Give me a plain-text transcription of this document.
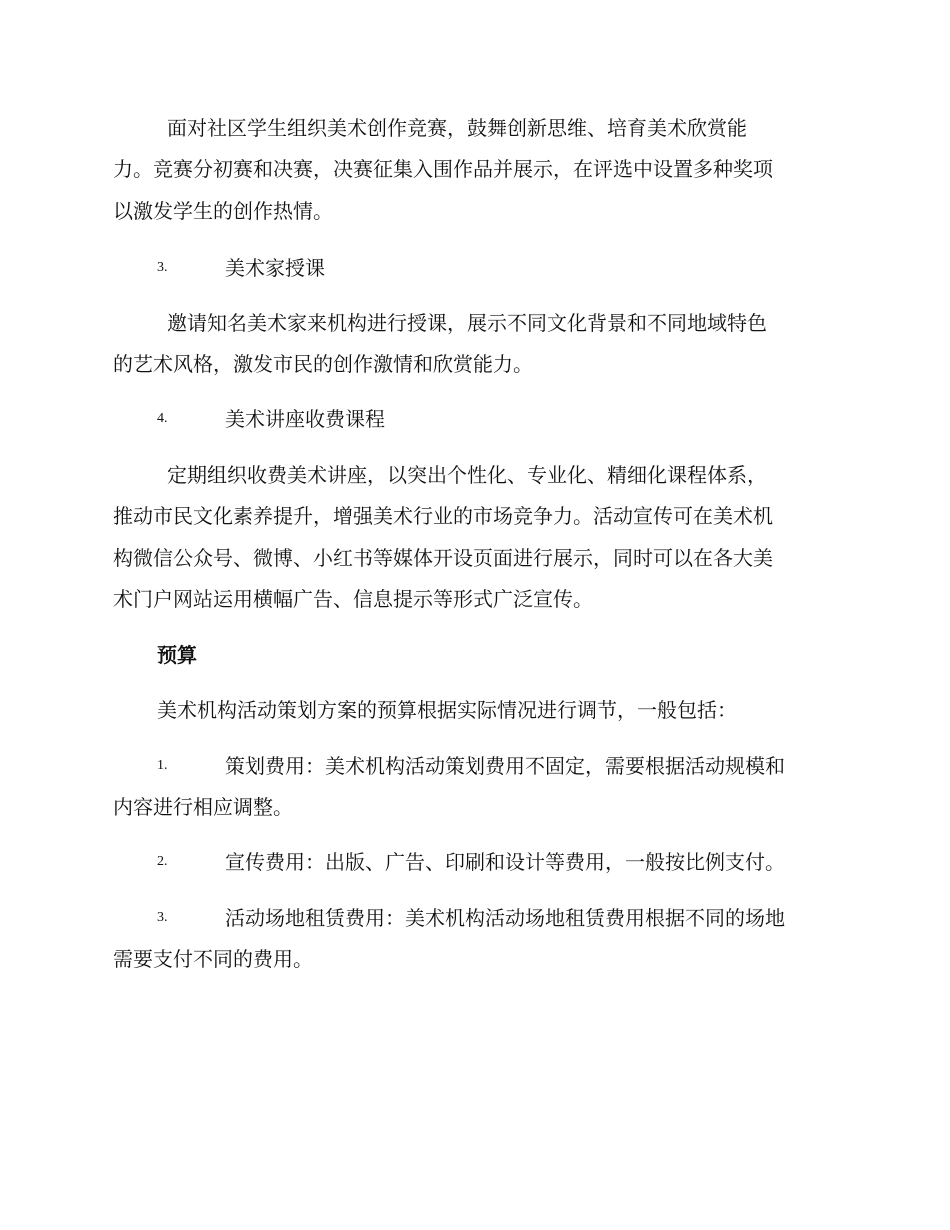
面对社区学生组织美术创作竞赛，鼓舞创新思维、培育美术欣赏能
力。竞赛分初赛和决赛，决赛征集入围作品并展示，在评选中设置多种奖项
以激发学生的创作热情。
3.	美术家授课
邀请知名美术家来机构进行授课，展示不同文化背景和不同地域特色
的艺术风格，激发市民的创作激情和欣赏能力。
4.	美术讲座收费课程
定期组织收费美术讲座，以突出个性化、专业化、精细化课程体系，
推动市民文化素养提升，增强美术行业的市场竞争力。活动宣传可在美术机
构微信公众号、微博、小红书等媒体开设页面进行展示，同时可以在各大美
术门户网站运用横幅广告、信息提示等形式广泛宣传。
预算
美术机构活动策划方案的预算根据实际情况进行调节，一般包括：
1.	策划费用：美术机构活动策划费用不固定，需要根据活动规模和
内容进行相应调整。
2.	宣传费用：出版、广告、印刷和设计等费用，一般按比例支付。
3.	活动场地租赁费用：美术机构活动场地租赁费用根据不同的场地
需要支付不同的费用。
